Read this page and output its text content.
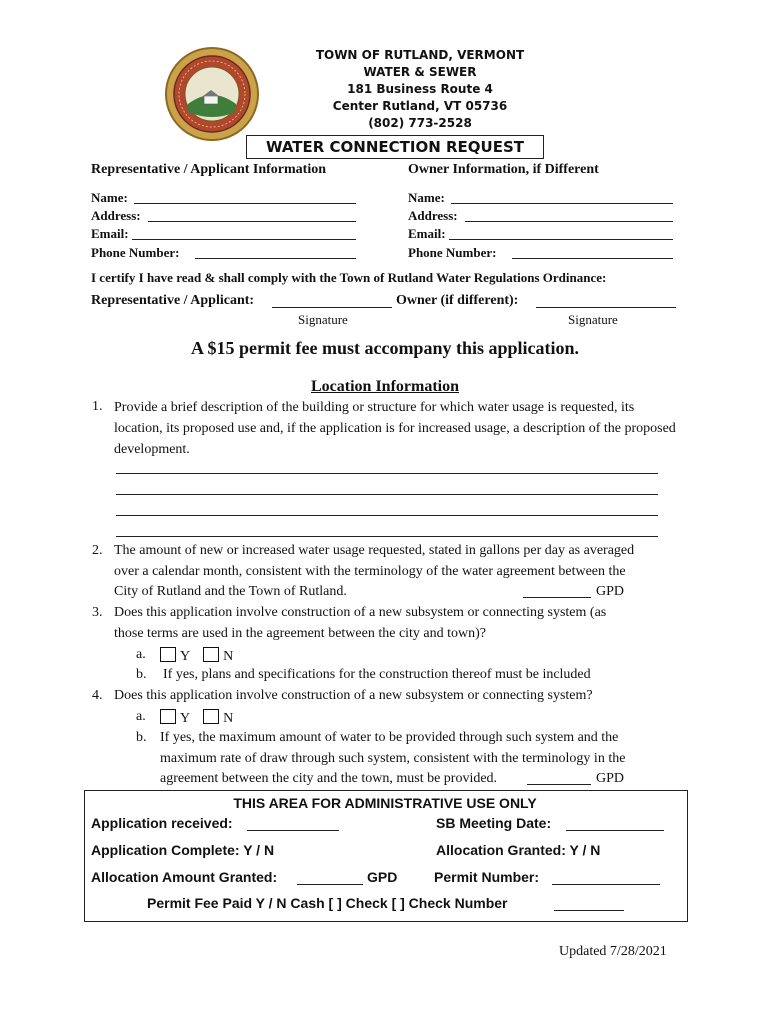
TOWN OF RUTLAND, VERMONT
WATER & SEWER
181 Business Route 4
Center Rutland, VT 05736
(802) 773-2528
WATER CONNECTION REQUEST
Representative / Applicant Information	Owner Information, if Different
Name:
Address:
Email:
Phone Number:
Name:
Address:
Email:
Phone Number:
I certify I have read & shall comply with the Town of Rutland Water Regulations Ordinance:
Representative / Applicant:	Owner (if different):
Signature	Signature
A $15 permit fee must accompany this application.
Location Information
1. Provide a brief description of the building or structure for which water usage is requested, its location, its proposed use and, if the application is for increased usage, a description of the proposed development.
2. The amount of new or increased water usage requested, stated in gallons per day as averaged
over a calendar month, consistent with the terminology of the water agreement between the
City of Rutland and the Town of Rutland.	GPD
3. Does this application involve construction of a new subsystem or connecting system (as
those terms are used in the agreement between the city and town)?
a.	Y N
b. If yes, plans and specifications for the construction thereof must be included
4. Does this application involve construction of a new subsystem or connecting system?
a.	Y N
b. If yes, the maximum amount of water to be provided through such system and the
maximum rate of draw through such system, consistent with the terminology in the
agreement between the city and the town, must be provided.	GPD
THIS AREA FOR ADMINISTRATIVE USE ONLY
Application received:	SB Meeting Date:
Application Complete: Y / N	Allocation Granted: Y / N
Allocation Amount Granted:	GPD	Permit Number:
Permit Fee Paid Y / N Cash [ ] Check [ ] Check Number
Updated 7/28/2021
